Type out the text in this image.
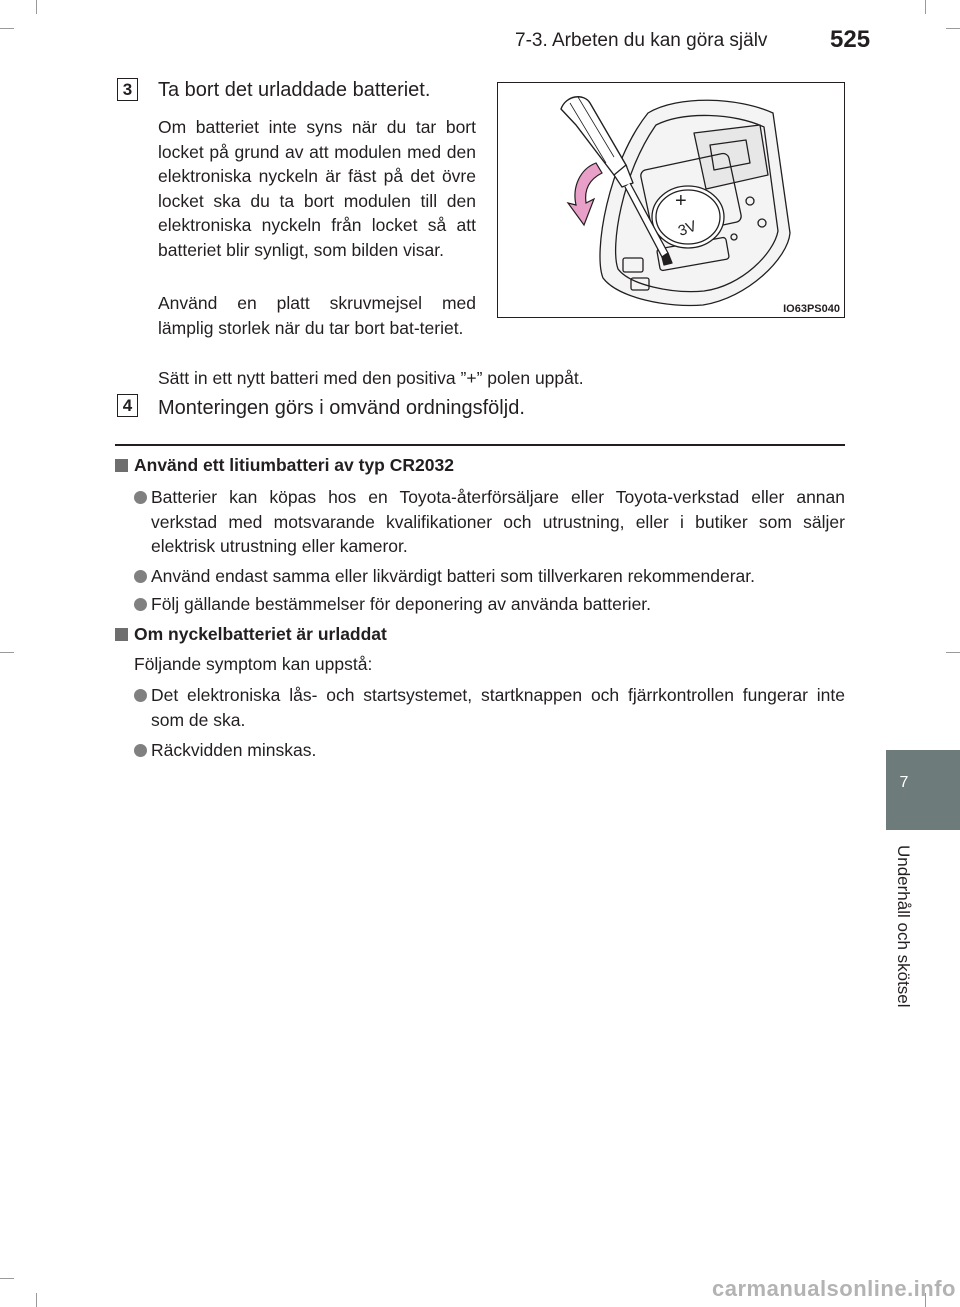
7-3. Arbeten du kan göra själv	525
3 Ta bort det urladdade batteriet.
Om batteriet inte syns när du tar bort locket på grund av att modulen med den elektroniska nyckeln är fäst på det övre locket ska du ta bort modulen till den elektroniska nyckeln från locket så att batteriet blir synligt, som bilden visar.
Använd en platt skruvmejsel med lämplig storlek när du tar bort bat-teriet.
Sätt in ett nytt batteri med den positiva ”+” polen uppåt.
+
3V
IO63PS040
4 Monteringen görs i omvänd ordningsföljd.
Använd ett litiumbatteri av typ CR2032
Batterier kan köpas hos en Toyota-återförsäljare eller Toyota-verkstad eller annan verkstad med motsvarande kvalifikationer och utrustning, eller i butiker som säljer elektrisk utrustning eller kameror.
Använd endast samma eller likvärdigt batteri som tillverkaren rekommenderar.
Följ gällande bestämmelser för deponering av använda batterier.
Om nyckelbatteriet är urladdat
Följande symptom kan uppstå:
Det elektroniska lås- och startsystemet, startknappen och fjärrkontrollen fungerar inte som de ska.
Räckvidden minskas.
7
Underhåll och skötsel
carmanualsonline.info
